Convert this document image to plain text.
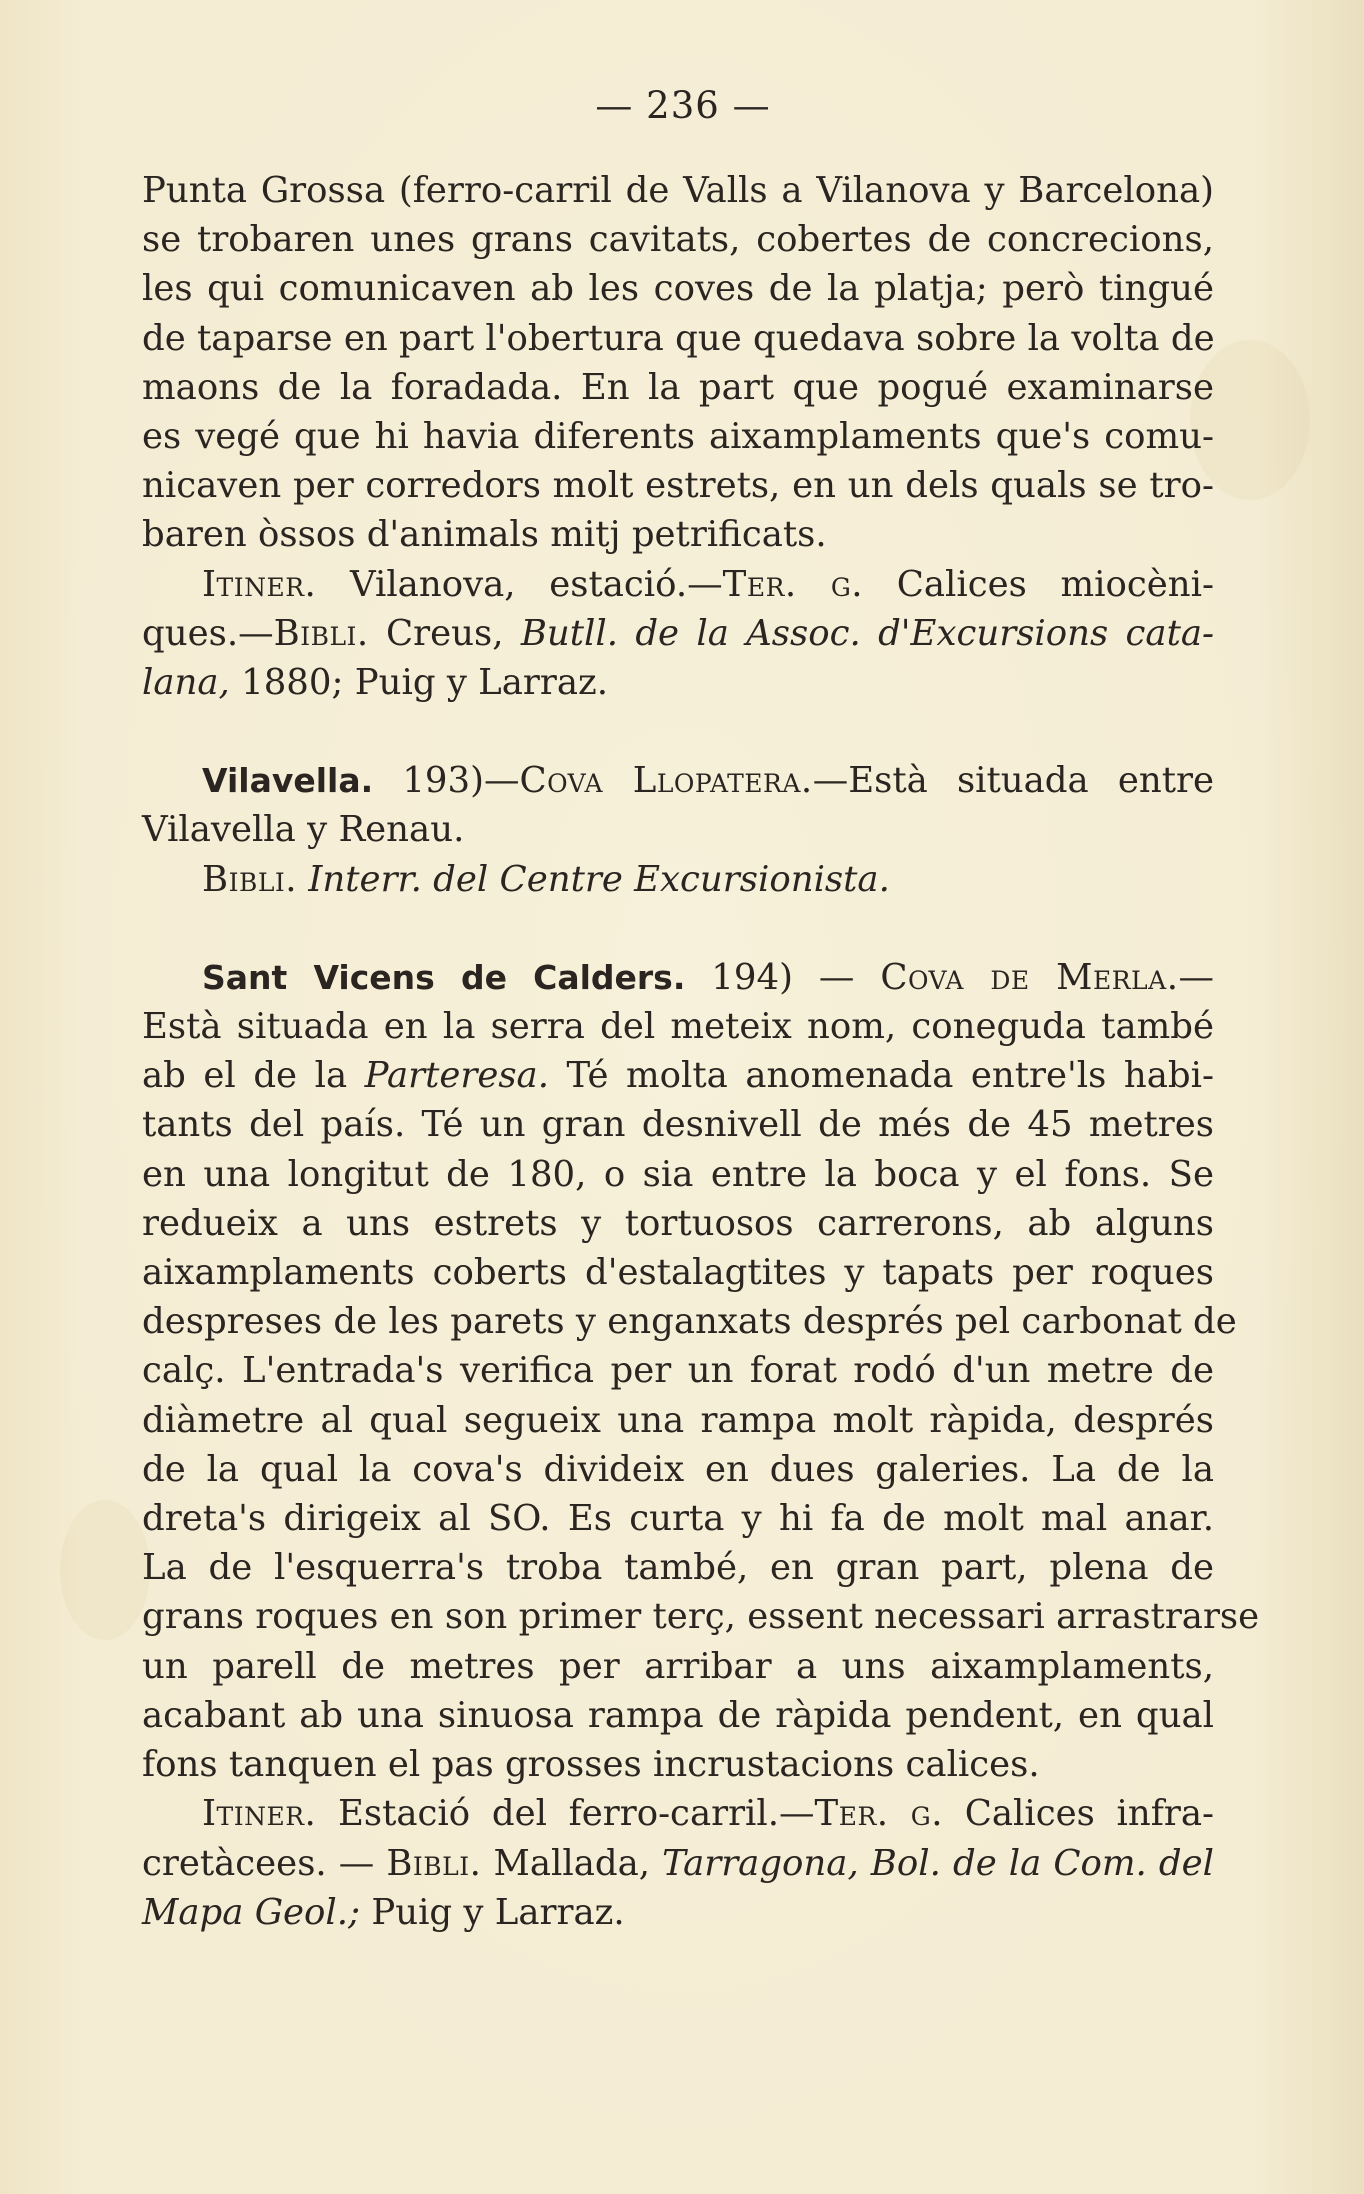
— 236 —
Punta Grossa (ferro-carril de Valls a Vilanova y Barcelona)
se trobaren unes grans cavitats, cobertes de concrecions,
les qui comunicaven ab les coves de la platja; però tingué
de taparse en part l'obertura que quedava sobre la volta de
maons de la foradada. En la part que pogué examinarse
es vegé que hi havia diferents aixamplaments que's comu-
nicaven per corredors molt estrets, en un dels quals se tro-
baren òssos d'animals mitj petrificats.
Itiner. Vilanova, estació.—Ter. g. Calices miocèni-
ques.—Bibli. Creus, Butll. de la Assoc. d'Excursions cata-
lana, 1880; Puig y Larraz.
Vilavella. 193)—Cova Llopatera.—Està situada entre
Vilavella y Renau.
Bibli. Interr. del Centre Excursionista.
Sant Vicens de Calders. 194) — Cova de Merla.—
Està situada en la serra del meteix nom, coneguda també
ab el de la Parteresa. Té molta anomenada entre'ls habi-
tants del país. Té un gran desnivell de més de 45 metres
en una longitut de 180, o sia entre la boca y el fons. Se
redueix a uns estrets y tortuosos carrerons, ab alguns
aixamplaments coberts d'estalagtites y tapats per roques
despreses de les parets y enganxats després pel carbonat de
calç. L'entrada's verifica per un forat rodó d'un metre de
diàmetre al qual segueix una rampa molt ràpida, després
de la qual la cova's divideix en dues galeries. La de la
dreta's dirigeix al SO. Es curta y hi fa de molt mal anar.
La de l'esquerra's troba també, en gran part, plena de
grans roques en son primer terç, essent necessari arrastrarse
un parell de metres per arribar a uns aixamplaments,
acabant ab una sinuosa rampa de ràpida pendent, en qual
fons tanquen el pas grosses incrustacions calices.
Itiner. Estació del ferro-carril.—Ter. g. Calices infra-
cretàcees. — Bibli. Mallada, Tarragona, Bol. de la Com. del
Mapa Geol.; Puig y Larraz.
